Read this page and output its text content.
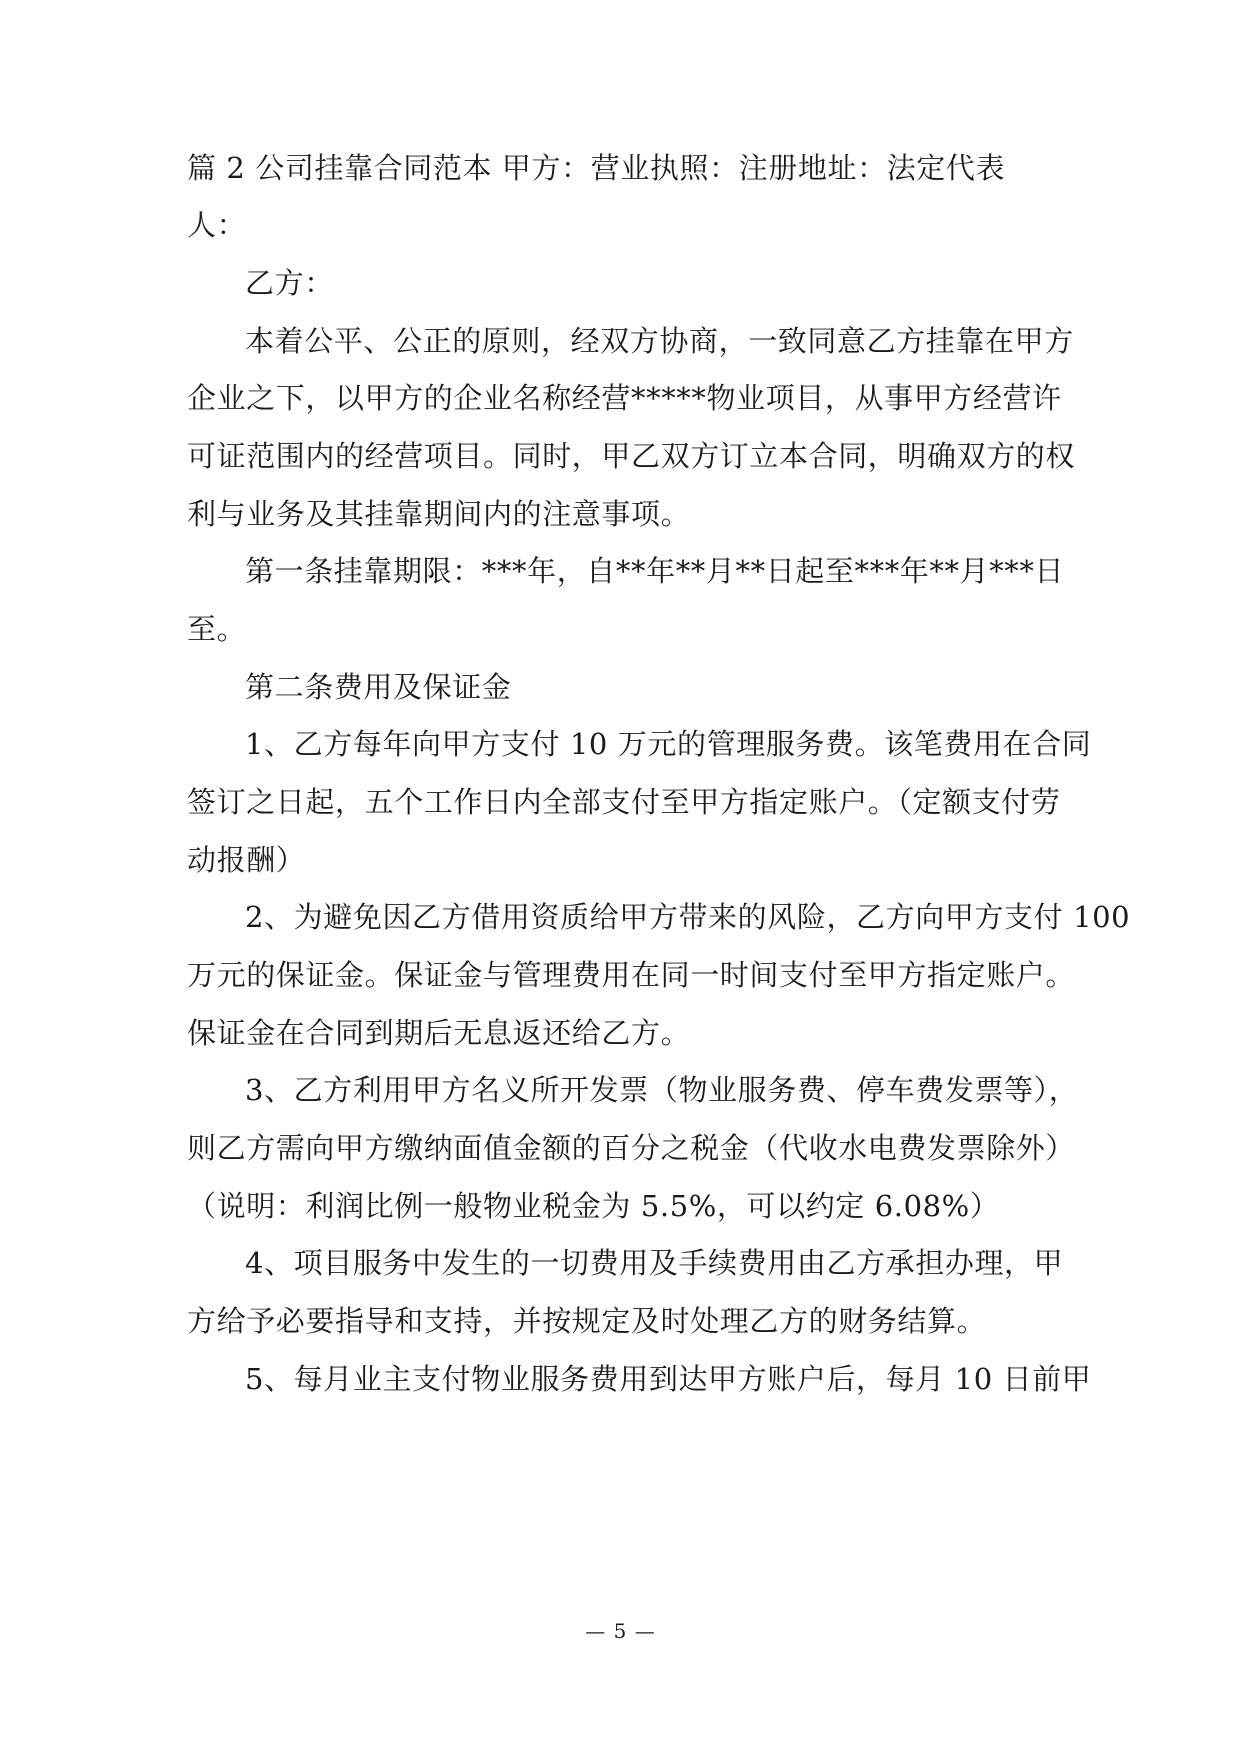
篇 2 公司挂靠合同范本 甲方：营业执照：注册地址：法定代表

人：

乙方：

本着公平、公正的原则，经双方协商，一致同意乙方挂靠在甲方

企业之下，以甲方的企业名称经营*****物业项目，从事甲方经营许

可证范围内的经营项目。同时，甲乙双方订立本合同，明确双方的权

利与业务及其挂靠期间内的注意事项。

第一条挂靠期限：***年，自**年**月**日起至***年**月***日

至。

第二条费用及保证金

1、乙方每年向甲方支付 10 万元的管理服务费。该笔费用在合同

签订之日起，五个工作日内全部支付至甲方指定账户。（定额支付劳

动报酬）

2、为避免因乙方借用资质给甲方带来的风险，乙方向甲方支付 100

万元的保证金。保证金与管理费用在同一时间支付至甲方指定账户。

保证金在合同到期后无息返还给乙方。

3、乙方利用甲方名义所开发票（物业服务费、停车费发票等），

则乙方需向甲方缴纳面值金额的百分之税金（代收水电费发票除外）

（说明：利润比例一般物业税金为 5.5%，可以约定 6.08%）

4、项目服务中发生的一切费用及手续费用由乙方承担办理，甲

方给予必要指导和支持，并按规定及时处理乙方的财务结算。

5、每月业主支付物业服务费用到达甲方账户后，每月 10 日前甲

— 5 —
